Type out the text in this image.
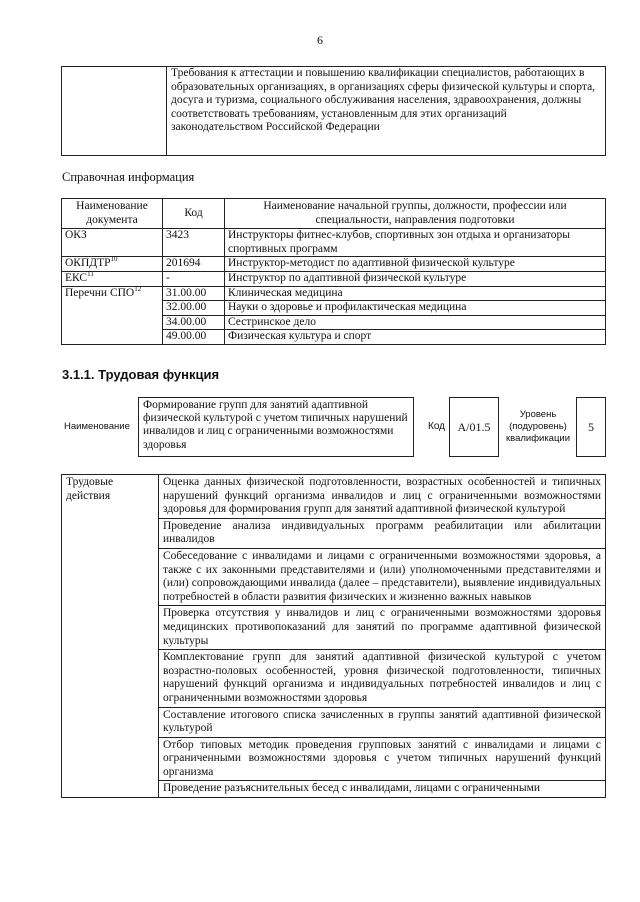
6
	Требования к аттестации и повышению квалификации специалистов, работающих в образовательных организациях, в организациях сферы физической культуры и спорта, досуга и туризма, социального обслуживания населения, здравоохранения, должны соответствовать требованиям, установленным для этих организаций законодательством Российской Федерации
Справочная информация
Наименование документа	Код	Наименование начальной группы, должности, профессии или специальности, направления подготовки
ОКЗ	3423	Инструкторы фитнес-клубов, спортивных зон отдыха и организаторы спортивных программ
ОКПДТР$^{10}$	201694	Инструктор-методист по адаптивной физической культуре
ЕКС$^{11}$	-	Инструктор по адаптивной физической культуре
Перечни СПО$^{12}$	31.00.00	Клиническая медицина
	32.00.00	Науки о здоровье и профилактическая медицина
	34.00.00	Сестринское дело
	49.00.00	Физическая культура и спорт
3.1.1. Трудовая функция
Наименование
Формирование групп для занятий адаптивной физической культурой с учетом типичных нарушений инвалидов и лиц с ограниченными возможностями здоровья
Код	А/01.5
Уровень (подуровень) квалификации
5
Трудовые действия	Оценка данных физической подготовленности, возрастных особенностей и типичных нарушений функций организма инвалидов и лиц с ограниченными возможностями здоровья для формирования групп для занятий адаптивной физической культурой
Проведение анализа индивидуальных программ реабилитации или абилитации инвалидов
Собеседование с инвалидами и лицами с ограниченными возможностями здоровья, а также с их законными представителями и (или) уполномоченными представителями и (или) сопровождающими инвалида (далее – представители), выявление индивидуальных потребностей в области развития физических и жизненно важных навыков
Проверка отсутствия у инвалидов и лиц с ограниченными возможностями здоровья медицинских противопоказаний для занятий по программе адаптивной физической культуры
Комплектование групп для занятий адаптивной физической культурой с учетом возрастно-половых особенностей, уровня физической подготовленности, типичных нарушений функций организма и индивидуальных потребностей инвалидов и лиц с ограниченными возможностями здоровья
Составление итогового списка зачисленных в группы занятий адаптивной физической культурой
Отбор типовых методик проведения групповых занятий с инвалидами и лицами с ограниченными возможностями здоровья с учетом типичных нарушений функций организма
Проведение разъяснительных бесед с инвалидами, лицами с ограниченными
